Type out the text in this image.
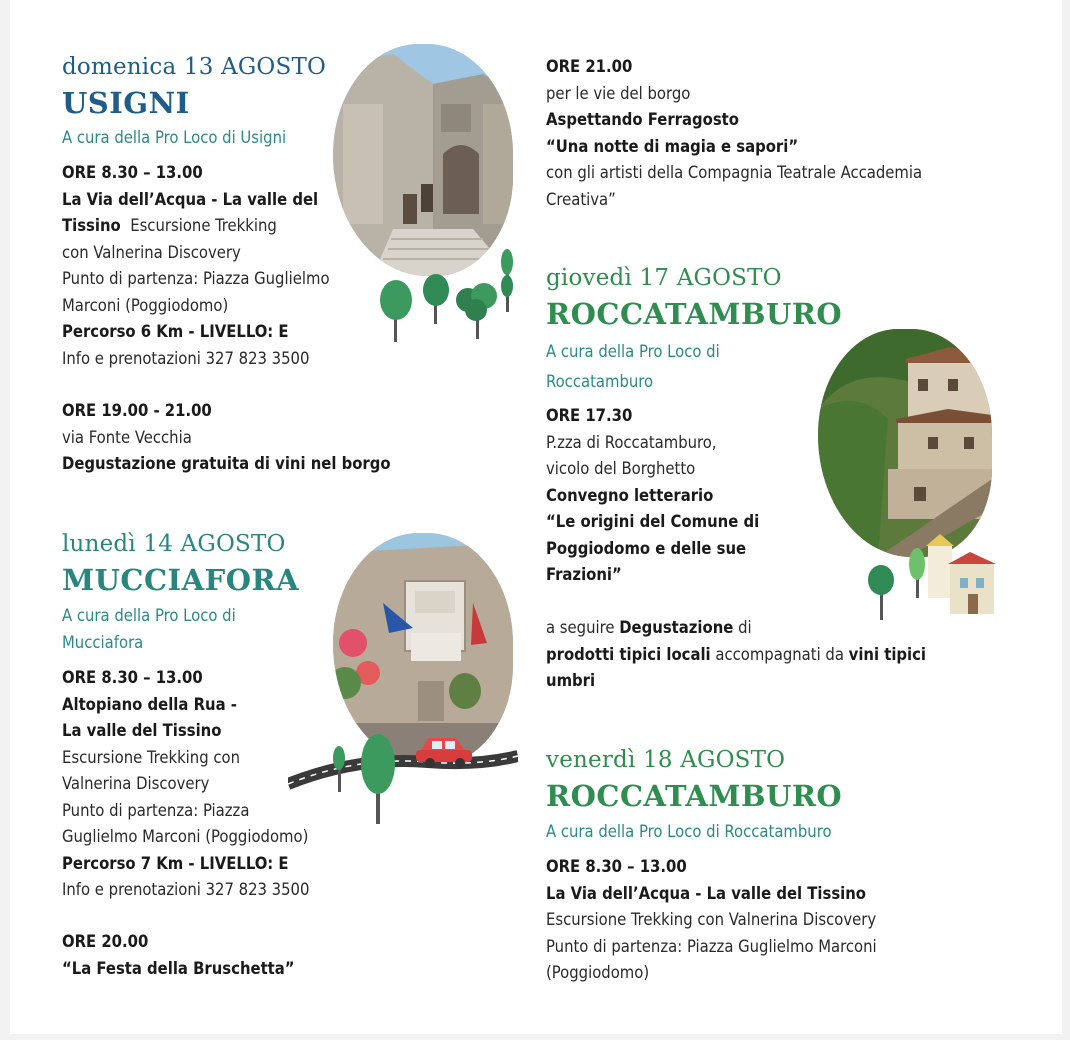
domenica 13 AGOSTO
USIGNI
A cura della Pro Loco di Usigni
ORE 8.30 – 13.00
La Via dell’Acqua - La valle del
Tissino Escursione Trekking
con Valnerina Discovery
Punto di partenza: Piazza Guglielmo
Marconi (Poggiodomo)
Percorso 6 Km - LIVELLO: E
Info e prenotazioni 327 823 3500
ORE 19.00 - 21.00
via Fonte Vecchia
Degustazione gratuita di vini nel borgo
lunedì 14 AGOSTO
MUCCIAFORA
A cura della Pro Loco di
Mucciafora
ORE 8.30 – 13.00
Altopiano della Rua -
La valle del Tissino
Escursione Trekking con
Valnerina Discovery
Punto di partenza: Piazza
Guglielmo Marconi (Poggiodomo)
Percorso 7 Km - LIVELLO: E
Info e prenotazioni 327 823 3500
ORE 20.00
“La Festa della Bruschetta”
ORE 21.00
per le vie del borgo
Aspettando Ferragosto
“Una notte di magia e sapori”
con gli artisti della Compagnia Teatrale Accademia
Creativa”
giovedì 17 AGOSTO
ROCCATAMBURO
A cura della Pro Loco di
Roccatamburo
ORE 17.30
P.zza di Roccatamburo,
vicolo del Borghetto
Convegno letterario
“Le origini del Comune di
Poggiodomo e delle sue
Frazioni”
a seguire Degustazione di
prodotti tipici locali accompagnati da vini tipici
umbri
venerdì 18 AGOSTO
ROCCATAMBURO
A cura della Pro Loco di Roccatamburo
ORE 8.30 – 13.00
La Via dell’Acqua - La valle del Tissino
Escursione Trekking con Valnerina Discovery
Punto di partenza: Piazza Guglielmo Marconi
(Poggiodomo)
